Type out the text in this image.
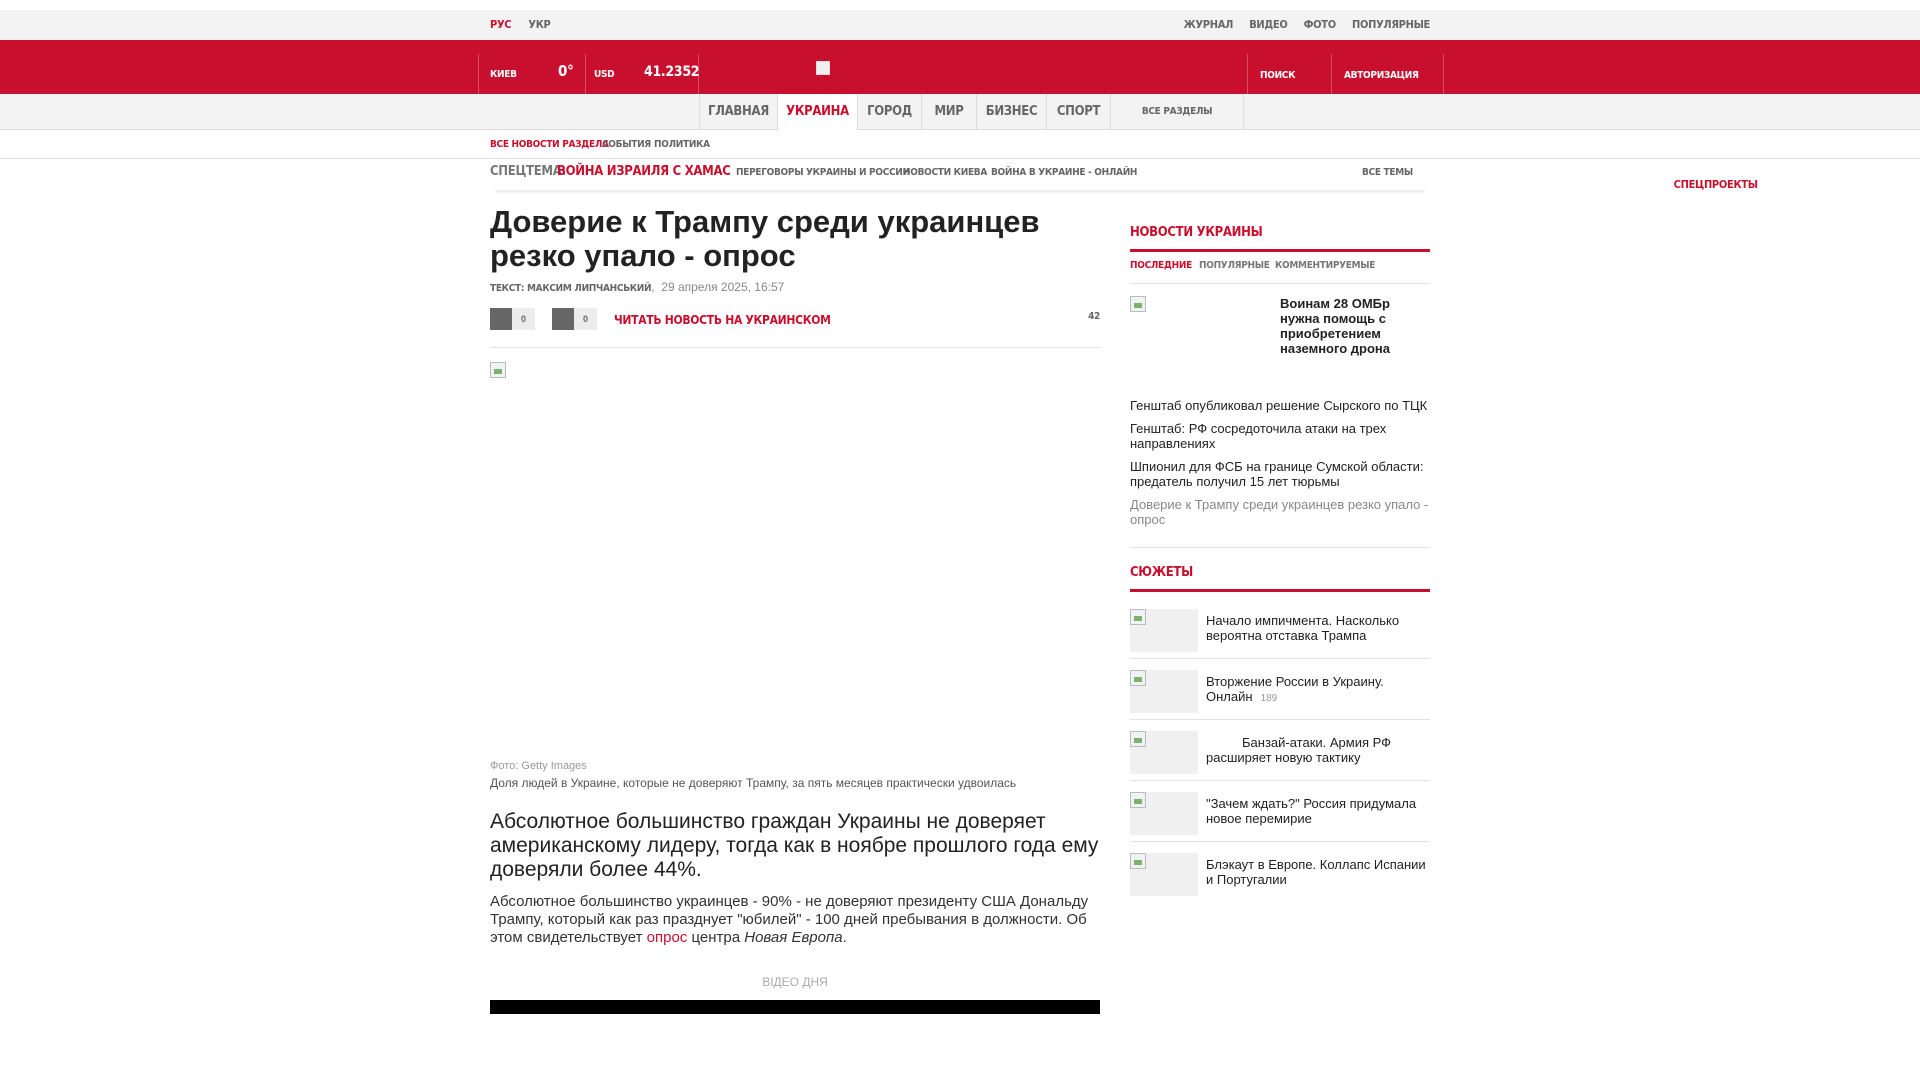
РУС УКР	ЖУРНАЛ ВИДЕО ФОТО ПОПУЛЯРНЫЕ
СПЕЦПРОЕКТЫ
КИЕВ	0° USD 41.2352	ПОИСК	АВТОРИЗАЦИЯ
ГЛАВНАЯ	УКРАИНА	ГОРОД	МИР	БИЗНЕС	СПОРТ	ВСЕ РАЗДЕЛЫ
ВСЕ НОВОСТИ РАЗДЕЛА
СОБЫТИЯ ПОЛИТИКА
СПЕЦТЕМА:
ВОЙНА ИЗРАИЛЯ С ХАМАС ПЕРЕГОВОРЫ УКРАИНЫ И РОССИИ
НОВОСТИ КИЕВА ВОЙНА В УКРАИНЕ - ОНЛАЙН	ВСЕ ТЕМЫ
Доверие к Трампу среди украинцев резко упало - опрос
ТЕКСТ: МАКСИМ ЛИПЧАНСЬКИЙ,  29 апреля 2025, 16:57
0	0	ЧИТАТЬ НОВОСТЬ НА УКРАИНСКОМ	42
Фото: Getty Images
Доля людей в Украине, которые не доверяют Трампу, за пять месяцев практически удвоилась
Абсолютное большинство граждан Украины не доверяет американскому лидеру, тогда как в ноябре прошлого года ему доверяли более 44%.
Абсолютное большинство украинцев - 90% - не доверяют президенту США Дональду Трампу, который как раз празднует "юбилей" - 100 дней пребывания в должности. Об этом свидетельствует опрос центра Новая Европа.
ВІДЕО ДНЯ
НОВОСТИ УКРАИНЫ
ПОСЛЕДНИЕ ПОПУЛЯРНЫЕ КОММЕНТИРУЕМЫЕ
Воинам 28 ОМБр нужна помощь с приобретением наземного дрона
Генштаб опубликовал решение Сырского по ТЦК
Генштаб: РФ сосредоточила атаки на трех направлениях
Шпионил для ФСБ на границе Сумской области: предатель получил 15 лет тюрьмы
Доверие к Трампу среди украинцев резко упало - опрос
СЮЖЕТЫ
Начало импичмента. Насколько вероятна отставка Трампа
Вторжение России в Украину. Онлайн 189
Банзай-атаки. Армия РФ расширяет новую тактику
"Зачем ждать?" Россия придумала новое перемирие
Блэкаут в Европе. Коллапс Испании и Португалии
